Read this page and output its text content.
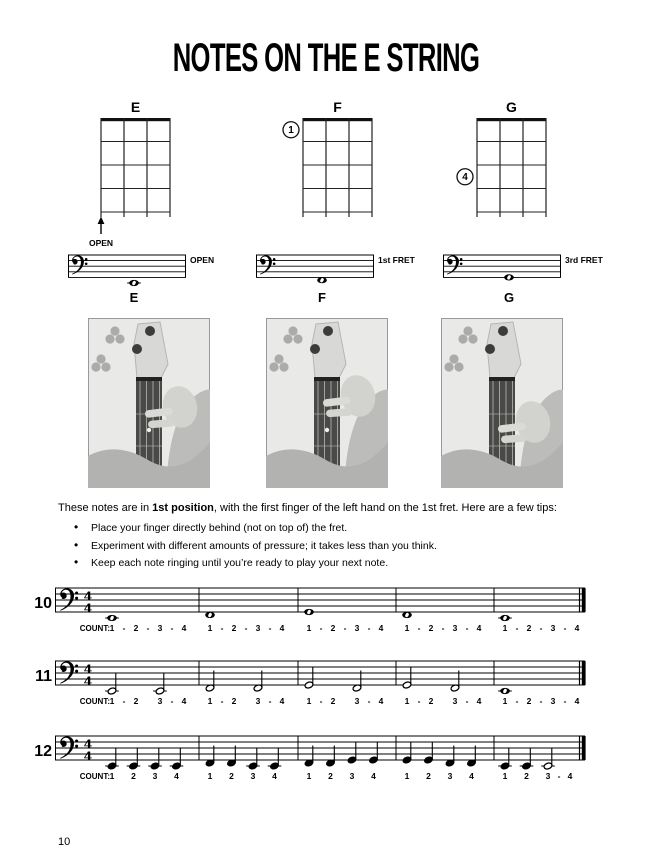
NOTES ON THE E STRING
E
OPEN
F
1
G
4
OPEN
E
1st FRET
F
3rd FRET
G
These notes are in 1st position, with the first finger of the left hand on the 1st fret. Here are a few tips:
• Place your finger directly behind (not on top of) the fret.
• Experiment with different amounts of pressure; it takes less than you think.
• Keep each note ringing until you’re ready to play your next note.
10	4
4
COUNT: 1 - 2 - 3 - 4	1 - 2 - 3 - 4	1 - 2 - 3 - 4	1 - 2 - 3 - 4	1 - 2 - 3 - 4
11	4
4
COUNT: 1 - 2 3 - 4	1 - 2 3 - 4	1 - 2 3 - 4	1 - 2 3 - 4	1 - 2 - 3 - 4
12	4
4
COUNT: 1 2 3 4	1 2 3 4	1 2 3 4	1 2 3 4	1 2 3 - 4
10
